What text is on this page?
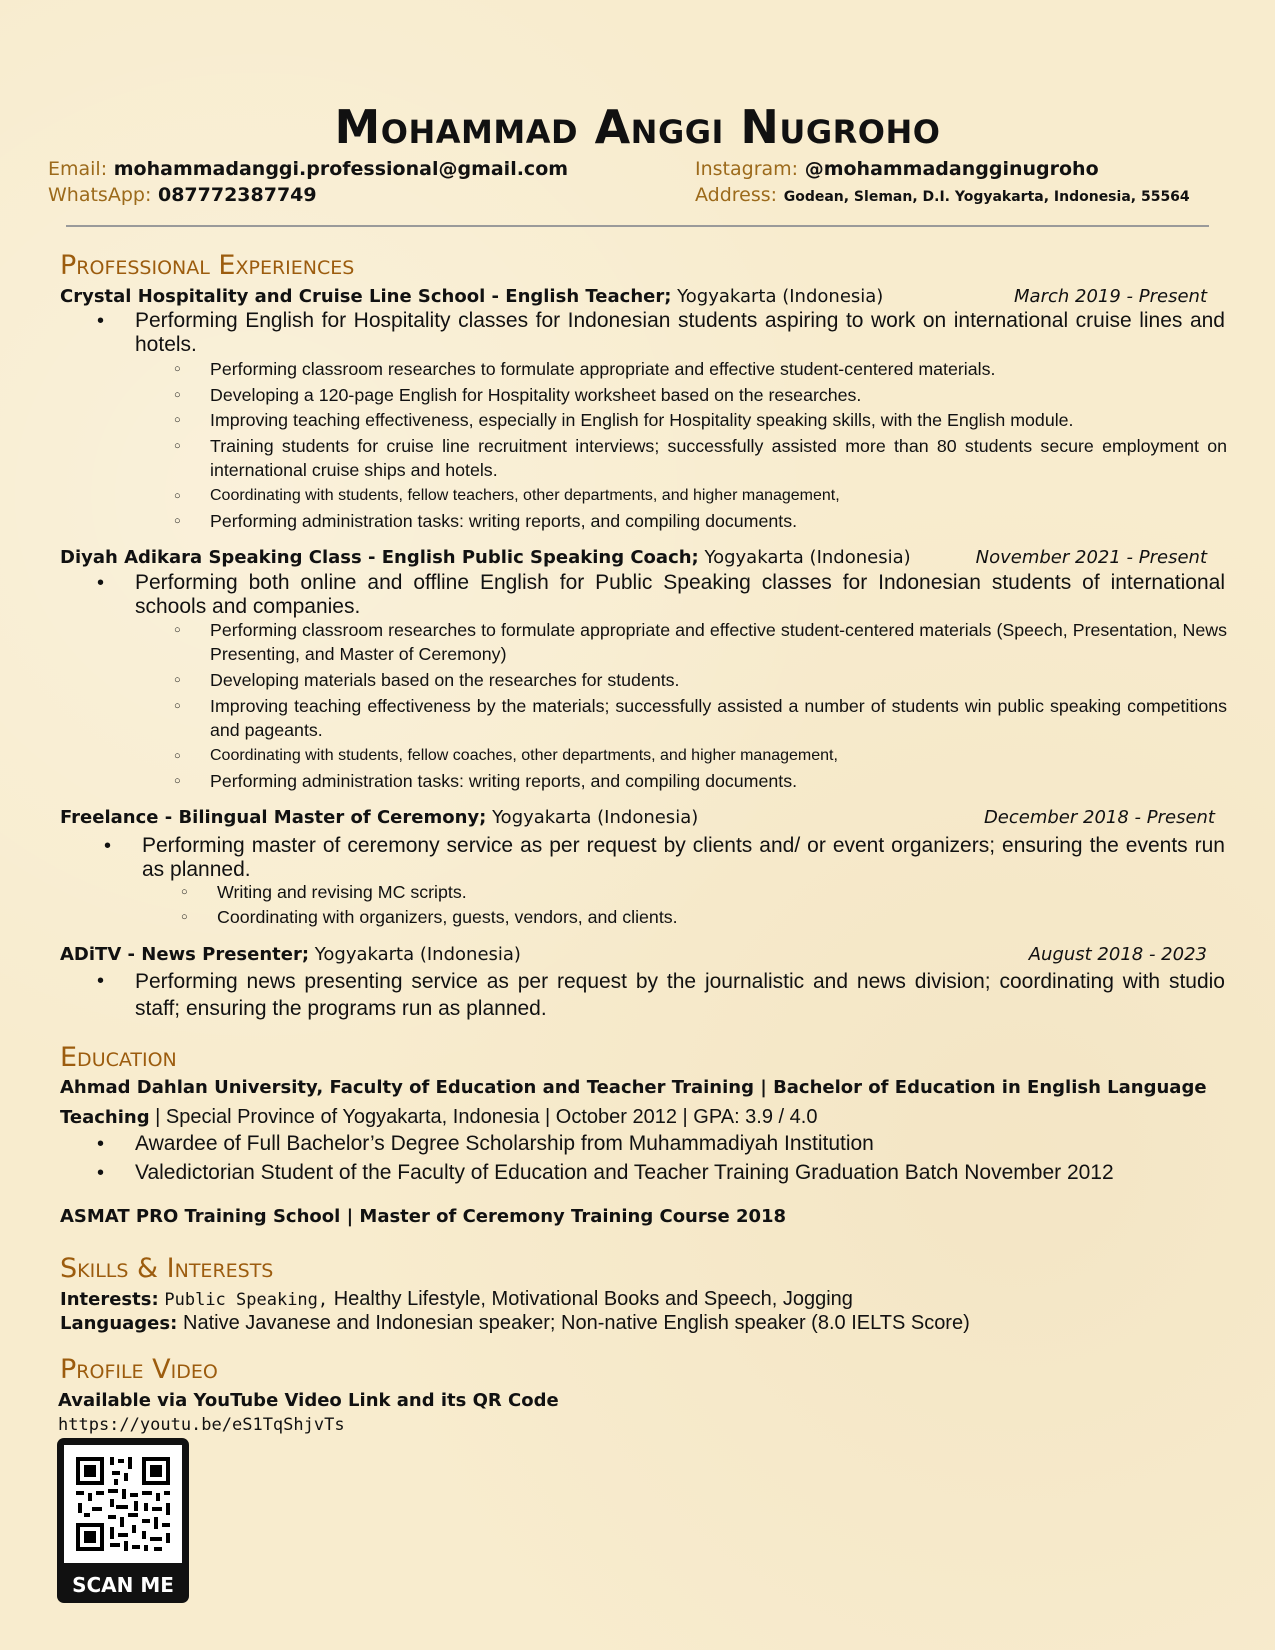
Mohammad Anggi Nugroho
Email: mohammadanggi.professional@gmail.com
WhatsApp: 087772387749
Instagram: @mohammadangginugroho
Address: Godean, Sleman, D.I. Yogyakarta, Indonesia, 55564
Professional Experiences
Crystal Hospitality and Cruise Line School - English Teacher; Yogyakarta (Indonesia)	March 2019 - Present
• Performing English for Hospitality classes for Indonesian students aspiring to work on international cruise lines and hotels.
○ Performing classroom researches to formulate appropriate and effective student-centered materials.
○ Developing a 120-page English for Hospitality worksheet based on the researches.
○ Improving teaching effectiveness, especially in English for Hospitality speaking skills, with the English module.
○ Training students for cruise line recruitment interviews; successfully assisted more than 80 students secure employment on international cruise ships and hotels.
○ Coordinating with students, fellow teachers, other departments, and higher management,
○ Performing administration tasks: writing reports, and compiling documents.
Diyah Adikara Speaking Class - English Public Speaking Coach; Yogyakarta (Indonesia)	November 2021 - Present
• Performing both online and offline English for Public Speaking classes for Indonesian students of international schools and companies.
○ Performing classroom researches to formulate appropriate and effective student-centered materials (Speech, Presentation, News Presenting, and Master of Ceremony)
○ Developing materials based on the researches for students.
○ Improving teaching effectiveness by the materials; successfully assisted a number of students win public speaking competitions and pageants.
○ Coordinating with students, fellow coaches, other departments, and higher management,
○ Performing administration tasks: writing reports, and compiling documents.
Freelance - Bilingual Master of Ceremony; Yogyakarta (Indonesia)	December 2018 - Present
• Performing master of ceremony service as per request by clients and/ or event organizers; ensuring the events run as planned.
○ Writing and revising MC scripts.
○ Coordinating with organizers, guests, vendors, and clients.
ADiTV - News Presenter; Yogyakarta (Indonesia)	August 2018 - 2023
• Performing news presenting service as per request by the journalistic and news division; coordinating with studio staff; ensuring the programs run as planned.
Education
Ahmad Dahlan University, Faculty of Education and Teacher Training | Bachelor of Education in English Language
Teaching | Special Province of Yogyakarta, Indonesia | October 2012 | GPA: 3.9 / 4.0
• Awardee of Full Bachelor’s Degree Scholarship from Muhammadiyah Institution
• Valedictorian Student of the Faculty of Education and Teacher Training Graduation Batch November 2012
ASMAT PRO Training School | Master of Ceremony Training Course 2018
Skills & Interests
Interests: Public Speaking, Healthy Lifestyle, Motivational Books and Speech, Jogging
Languages: Native Javanese and Indonesian speaker; Non-native English speaker (8.0 IELTS Score)
Profile Video
Available via YouTube Video Link and its QR Code
https://youtu.be/eS1TqShjvTs
SCAN ME
